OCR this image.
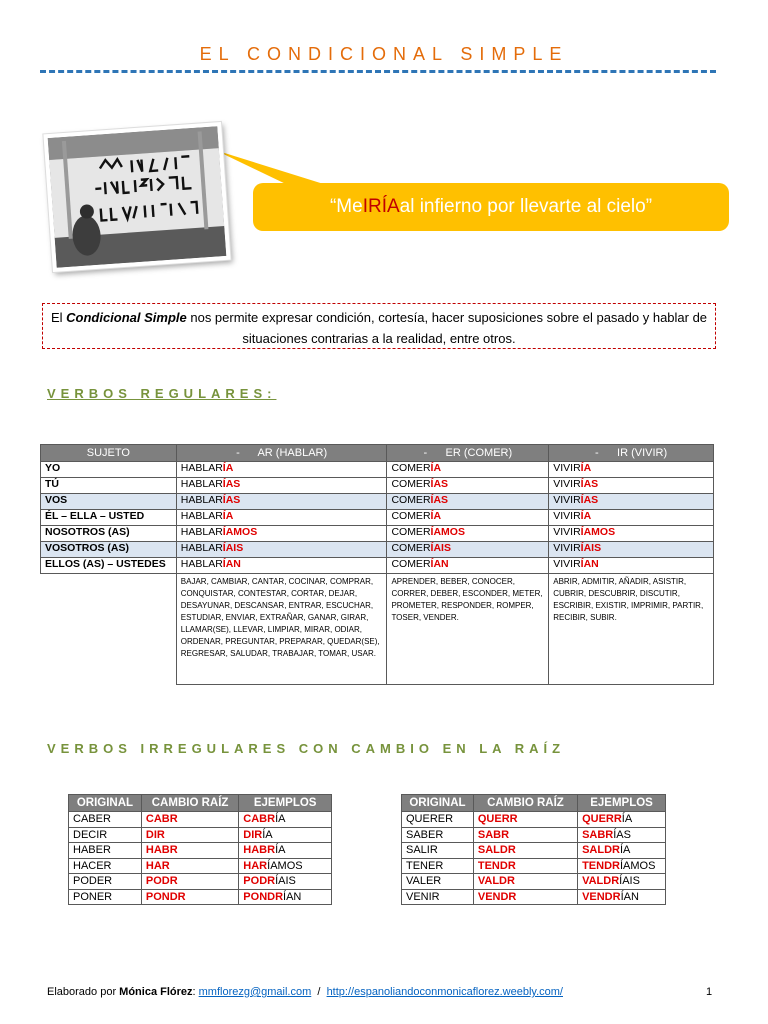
EL CONDICIONAL SIMPLE
“Me IRÍA al infierno por llevarte al cielo”
El Condicional Simple nos permite expresar condición, cortesía, hacer suposiciones sobre el pasado y hablar de situaciones contrarias a la realidad, entre otros.
VERBOS REGULARES:
SUJETO	-      AR (HABLAR)	-      ER (COMER)	-      IR (VIVIR)
YO	HABLARÍA	COMERÍA	VIVIRÍA
TÚ	HABLARÍAS	COMERÍAS	VIVIRÍAS
VOS	HABLARÍAS	COMERÍAS	VIVIRÍAS
ÉL – ELLA – USTED	HABLARÍA	COMERÍA	VIVIRÍA
NOSOTROS (AS)	HABLARÍAMOS	COMERÍAMOS	VIVIRÍAMOS
VOSOTROS (AS)	HABLARÍAIS	COMERÍAIS	VIVIRÍAIS
ELLOS (AS) – USTEDES	HABLARÍAN	COMERÍAN	VIVIRÍAN
	BAJAR, CAMBIAR, CANTAR, COCINAR, COMPRAR, CONQUISTAR, CONTESTAR, CORTAR, DEJAR, DESAYUNAR, DESCANSAR, ENTRAR, ESCUCHAR, ESTUDIAR, ENVIAR, EXTRAÑAR, GANAR, GIRAR, LLAMAR(SE), LLEVAR, LIMPIAR, MIRAR, ODIAR, ORDENAR, PREGUNTAR, PREPARAR, QUEDAR(SE), REGRESAR, SALUDAR, TRABAJAR, TOMAR, USAR.	APRENDER, BEBER, CONOCER, CORRER, DEBER, ESCONDER, METER, PROMETER, RESPONDER, ROMPER, TOSER, VENDER.	ABRIR, ADMITIR, AÑADIR, ASISTIR, CUBRIR, DESCUBRIR, DISCUTIR, ESCRIBIR, EXISTIR, IMPRIMIR, PARTIR, RECIBIR, SUBIR.
VERBOS IRREGULARES CON CAMBIO EN LA RAÍZ
ORIGINAL	CAMBIO RAÍZ	EJEMPLOS
CABER	CABR	CABRÍA
DECIR	DIR	DIRÍA
HABER	HABR	HABRÍA
HACER	HAR	HARÍAMOS
PODER	PODR	PODRÍAIS
PONER	PONDR	PONDRÍAN
ORIGINAL	CAMBIO RAÍZ	EJEMPLOS
QUERER	QUERR	QUERRÍA
SABER	SABR	SABRÍAS
SALIR	SALDR	SALDRÍA
TENER	TENDR	TENDRÍAMOS
VALER	VALDR	VALDRÍAIS
VENIR	VENDR	VENDRÍAN
Elaborado por Mónica Flórez: mmflorezg@gmail.com  /  http://espanoliandoconmonicaflorez.weebly.com/	1
